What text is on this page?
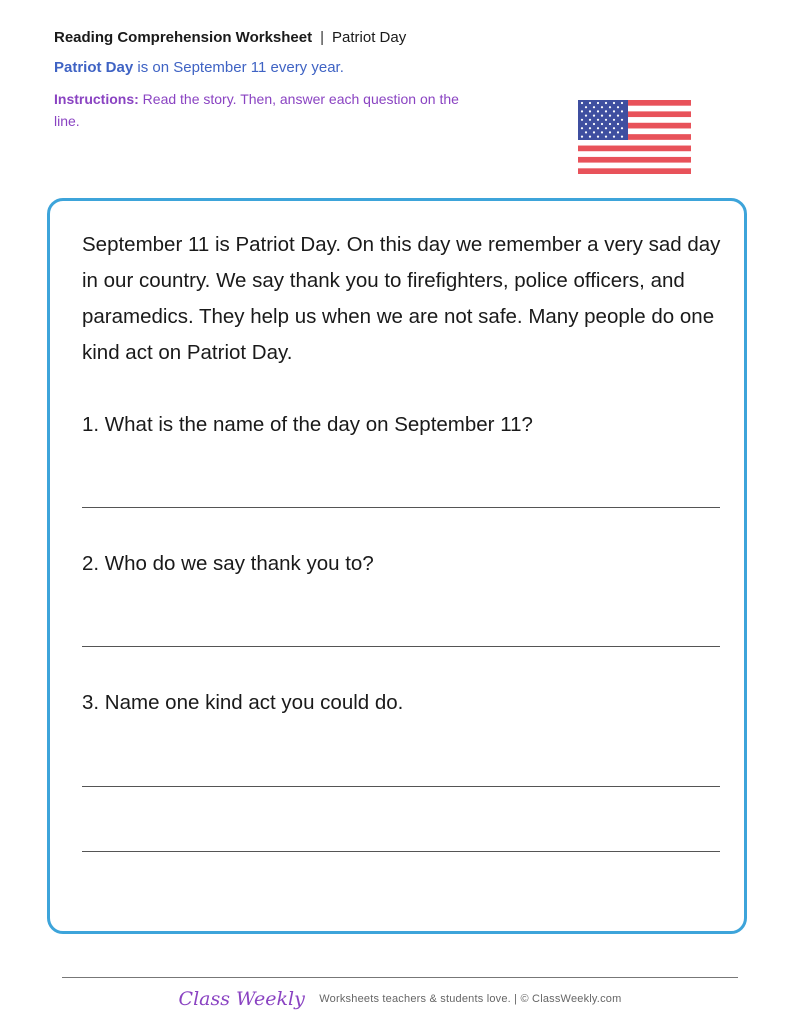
Reading Comprehension Worksheet | Patriot Day
Patriot Day is on September 11 every year.
Instructions: Read the story. Then, answer each question on the line.
September 11 is Patriot Day. On this day we remember a very sad day in our country. We say thank you to firefighters, police officers, and paramedics. They help us when we are not safe. Many people do one kind act on Patriot Day.
1. What is the name of the day on September 11?
2. Who do we say thank you to?
3. Name one kind act you could do.
Class Weekly Worksheets teachers & students love. | © ClassWeekly.com
